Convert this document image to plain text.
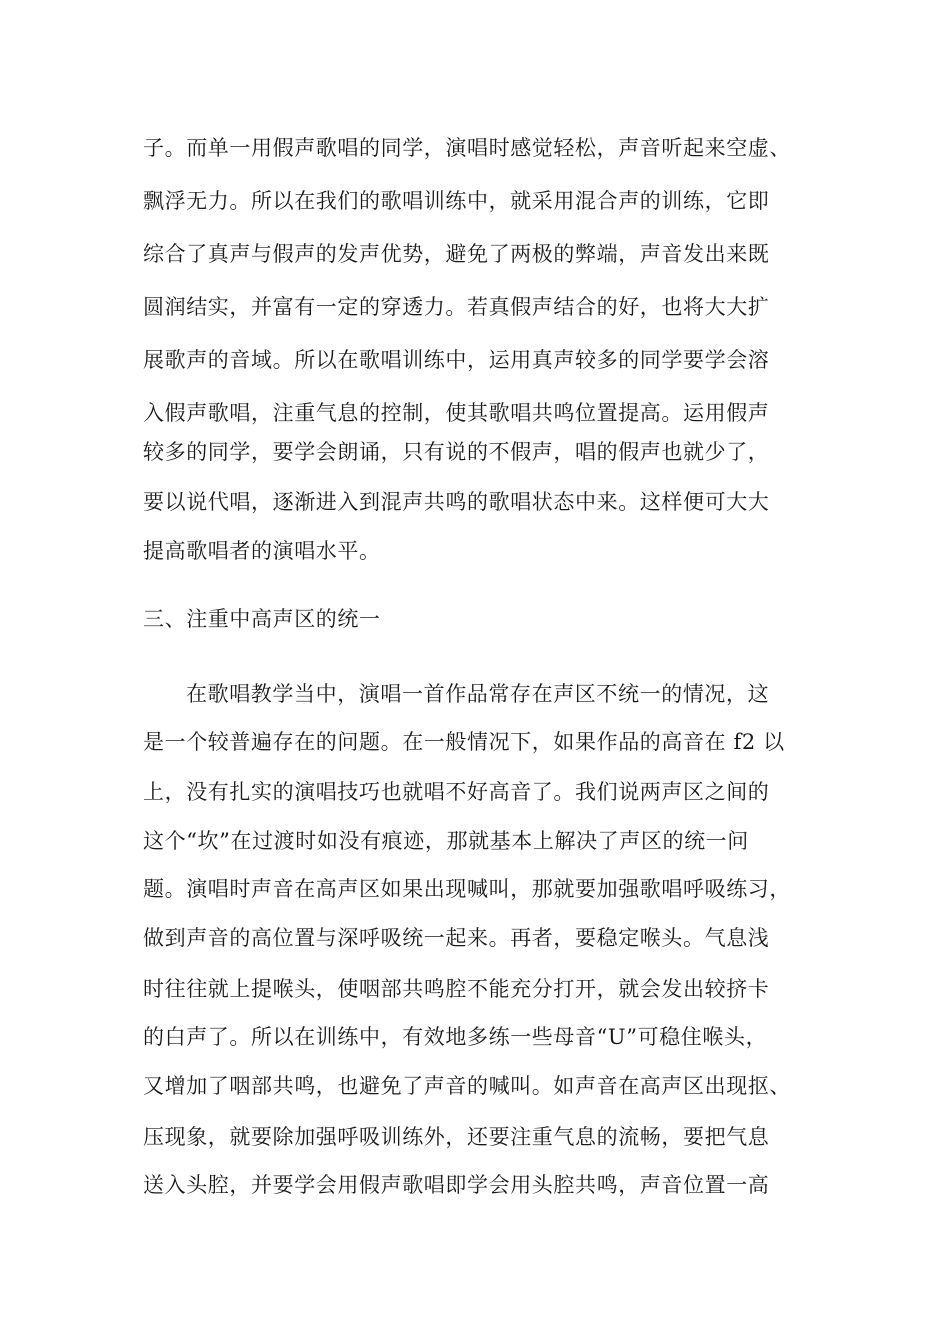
子。而单一用假声歌唱的同学，演唱时感觉轻松，声音听起来空虚、

飘浮无力。所以在我们的歌唱训练中，就采用混合声的训练，它即

综合了真声与假声的发声优势，避免了两极的弊端，声音发出来既

圆润结实，并富有一定的穿透力。若真假声结合的好，也将大大扩

展歌声的音域。所以在歌唱训练中，运用真声较多的同学要学会溶

入假声歌唱，注重气息的控制，使其歌唱共鸣位置提高。运用假声

较多的同学，要学会朗诵，只有说的不假声，唱的假声也就少了，

要以说代唱，逐渐进入到混声共鸣的歌唱状态中来。这样便可大大

提高歌唱者的演唱水平。

三、注重中高声区的统一

在歌唱教学当中，演唱一首作品常存在声区不统一的情况，这

是一个较普遍存在的问题。在一般情况下，如果作品的高音在 f2 以

上，没有扎实的演唱技巧也就唱不好高音了。我们说两声区之间的

这个“坎”在过渡时如没有痕迹，那就基本上解决了声区的统一问

题。演唱时声音在高声区如果出现喊叫，那就要加强歌唱呼吸练习，

做到声音的高位置与深呼吸统一起来。再者，要稳定喉头。气息浅

时往往就上提喉头，使咽部共鸣腔不能充分打开，就会发出较挤卡

的白声了。所以在训练中，有效地多练一些母音“U”可稳住喉头，

又增加了咽部共鸣，也避免了声音的喊叫。如声音在高声区出现抠、

压现象，就要除加强呼吸训练外，还要注重气息的流畅，要把气息

送入头腔，并要学会用假声歌唱即学会用头腔共鸣，声音位置一高
